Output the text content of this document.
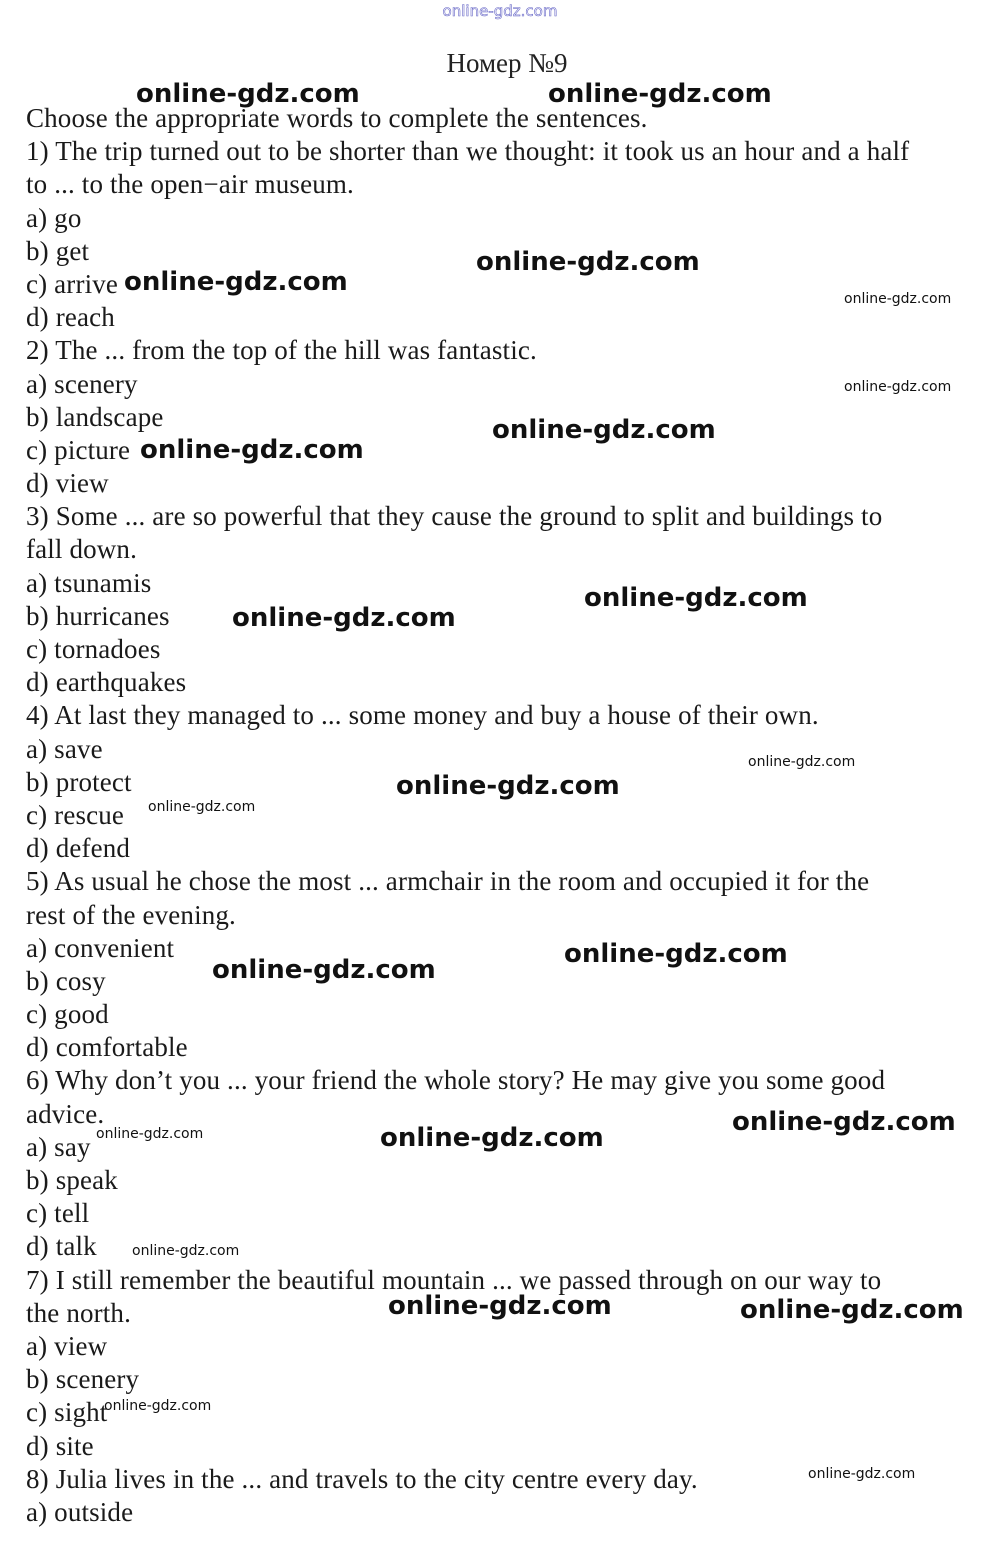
online-gdz.com
Номер №9
Choose the appropriate words to complete the sentences.
1) The trip turned out to be shorter than we thought: it took us an hour and a half
to ... to the open−air museum.
a) go
b) get
c) arrive
d) reach
2) The ... from the top of the hill was fantastic.
a) scenery
b) landscape
c) picture
d) view
3) Some ... are so powerful that they cause the ground to split and buildings to
fall down.
a) tsunamis
b) hurricanes
c) tornadoes
d) earthquakes
4) At last they managed to ... some money and buy a house of their own.
a) save
b) protect
c) rescue
d) defend
5) As usual he chose the most ... armchair in the room and occupied it for the
rest of the evening.
a) convenient
b) cosy
c) good
d) comfortable
6) Why don’t you ... your friend the whole story? He may give you some good
advice.
a) say
b) speak
c) tell
d) talk
7) I still remember the beautiful mountain ... we passed through on our way to
the north.
a) view
b) scenery
c) sight
d) site
8) Julia lives in the ... and travels to the city centre every day.
a) outside
online-gdz.com	online-gdz.com
online-gdz.com
online-gdz.com
online-gdz.com
online-gdz.com
online-gdz.com
online-gdz.com
online-gdz.com
online-gdz.com
online-gdz.com
online-gdz.com
online-gdz.com
online-gdz.com
online-gdz.com
online-gdz.com
online-gdz.com
online-gdz.com
online-gdz.com
online-gdz.com	online-gdz.com
online-gdz.com
online-gdz.com
